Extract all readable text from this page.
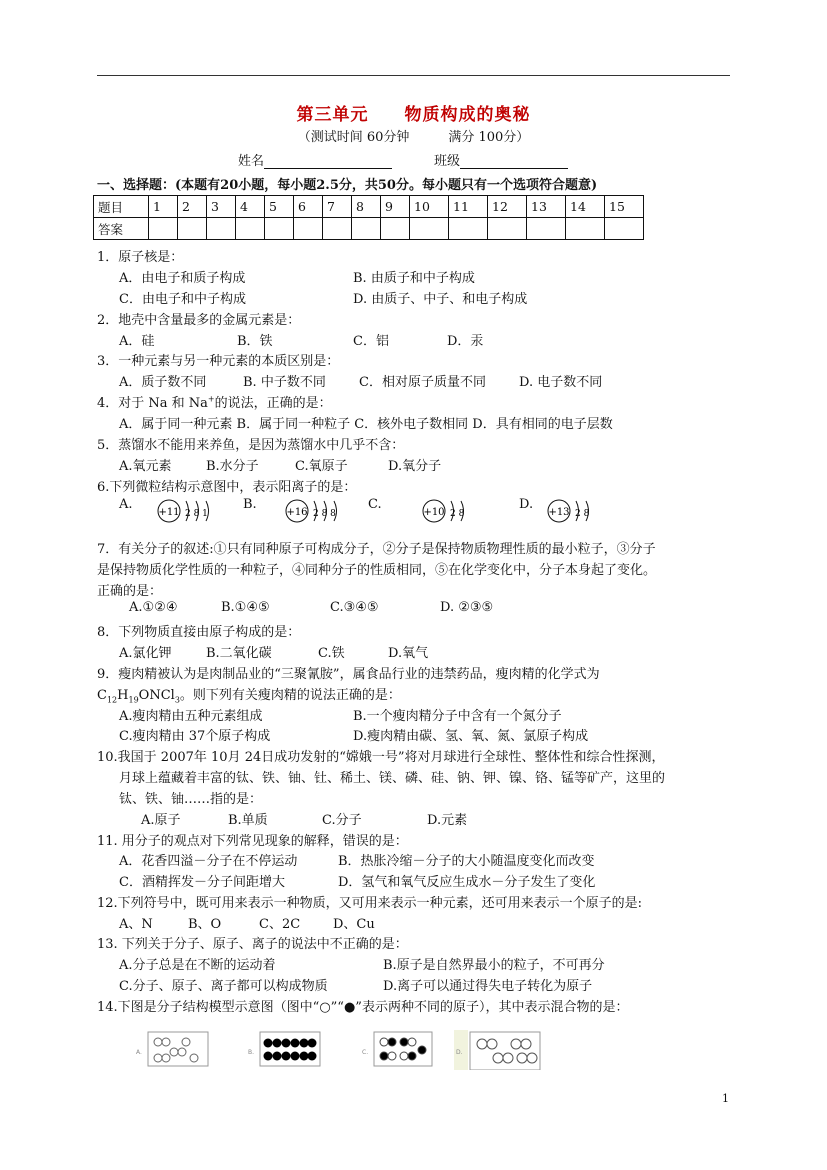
第三单元　　物质构成的奥秘
（测试时间 60分钟　　　满分 100分）
姓名	班级
一、选择题：(本题有20小题，每小题2.5分，共50分。每小题只有一个选项符合题意)
题目	1	2	3	4	5	6	7	8	9	10	11	12	13	14	15
答案															
1．原子核是：
A．由电子和质子构成	B. 由质子和中子构成
C．由电子和中子构成	D. 由质子、中子、和电子构成
2．地壳中含量最多的金属元素是：
A．硅	B．铁	C．铝	D．汞
3．一种元素与另一种元素的本质区别是：
A．质子数不同	B. 中子数不同	C．相对原子质量不同	D. 电子数不同
4．对于 Na 和 Na+的说法，正确的是：
A．属于同一种元素 B．属于同一种粒子 C．核外电子数相同 D．具有相同的电子层数
5．蒸馏水不能用来养鱼，是因为蒸馏水中几乎不含：
A.氧元素	B.水分子	C.氧原子	D.氧分子
6.下列微粒结构示意图中，表示阳离子的是：
A.	B.	C.	D.
+11 2 8 1	+16 2 8 8	+10 2 8	+13 2 8
7．有关分子的叙述:①只有同种原子可构成分子，②分子是保持物质物理性质的最小粒子，③分子
是保持物质化学性质的一种粒子，④同种分子的性质相同，⑤在化学变化中，分子本身起了变化。
正确的是：
A.①②④	B.①④⑤	C.③④⑤	D. ②③⑤
8．下列物质直接由原子构成的是：
A.氯化钾	B.二氧化碳	C.铁	D.氧气
9．瘦肉精被认为是肉制品业的“三聚氰胺”，属食品行业的违禁药品，瘦肉精的化学式为
$C_{12}H_{19}ONCl_3$。则下列有关瘦肉精的说法正确的是：
A.瘦肉精由五种元素组成	B.一个瘦肉精分子中含有一个氮分子
C.瘦肉精由 37个原子构成	D.瘦肉精由碳、氢、氧、氮、氯原子构成
10.我国于 2007年 10月 24日成功发射的“嫦娥一号”将对月球进行全球性、整体性和综合性探测，
月球上蕴藏着丰富的钛、铁、铀、钍、稀土、镁、磷、硅、钠、钾、镍、铬、锰等矿产，这里的
钛、铁、铀……指的是：
A.原子	B.单质	C.分子	D.元素
11. 用分子的观点对下列常见现象的解释，错误的是：
A．花香四溢－分子在不停运动	B．热胀冷缩－分子的大小随温度变化而改变
C．酒精挥发－分子间距增大	D．氢气和氧气反应生成水－分子发生了变化
12.下列符号中，既可用来表示一种物质，又可用来表示一种元素，还可用来表示一个原子的是:
A、N	B、O	C、2C	D、Cu
13. 下列关于分子、原子、离子的说法中不正确的是：
A.分子总是在不断的运动着	B.原子是自然界最小的粒子，不可再分
C.分子、原子、离子都可以构成物质	D.离子可以通过得失电子转化为原子
14.下图是分子结构模型示意图（图中“○”“●”表示两种不同的原子），其中表示混合物的是：
A.	B.	C.	D.
1
